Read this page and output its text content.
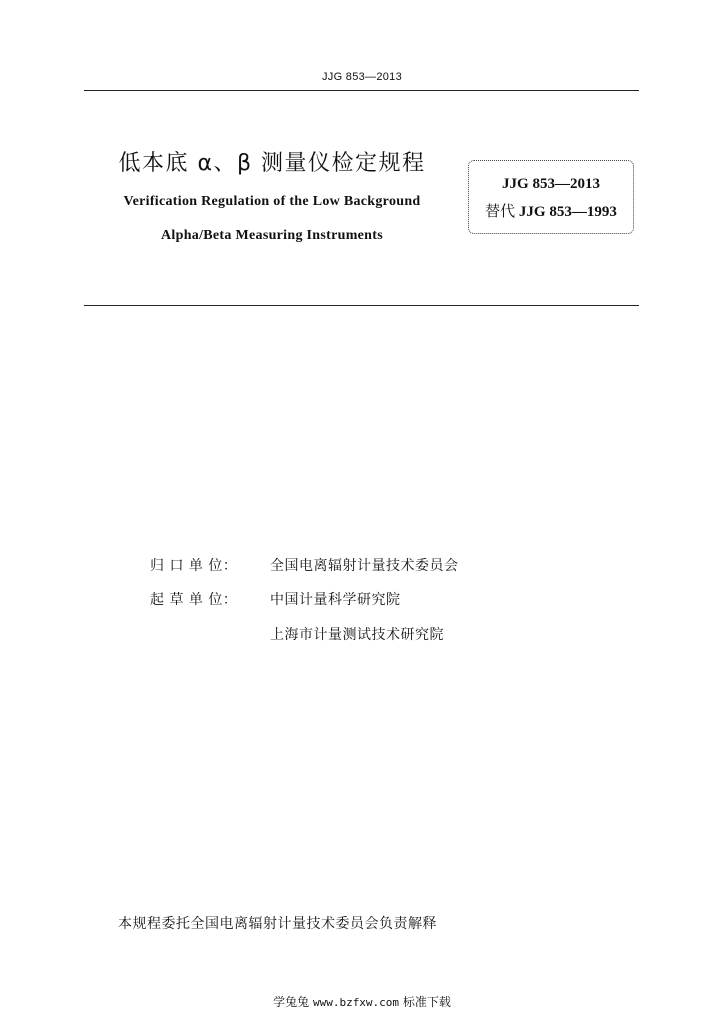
JJG 853—2013
低本底 α、β 测量仪检定规程
Verification Regulation of the Low Background
Alpha/Beta Measuring Instruments
JJG 853—2013
替代 JJG 853—1993
归 口 单 位： 全国电离辐射计量技术委员会
起 草 单 位： 中国计量科学研究院
上海市计量测试技术研究院
本规程委托全国电离辐射计量技术委员会负责解释
学兔兔 www.bzfxw.com 标准下载
